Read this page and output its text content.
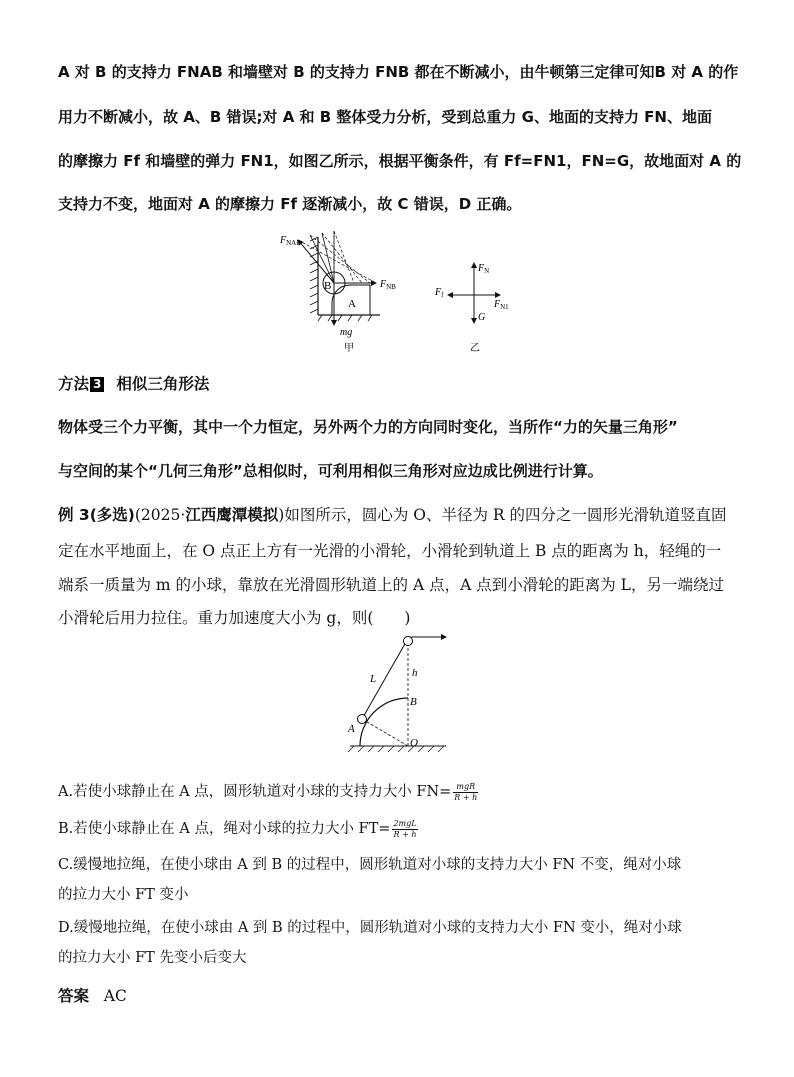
A 对 B 的支持力 FNAB 和墙壁对 B 的支持力 FNB 都在不断减小，由牛顿第三定律可知B 对 A 的作
用力不断减小，故 A、B 错误;对 A 和 B 整体受力分析，受到总重力 G、地面的支持力 FN、地面
的摩擦力 Ff 和墙壁的弹力 FN1，如图乙所示，根据平衡条件，有 Ff=FN1，FN=G，故地面对 A 的
支持力不变，地面对 A 的摩擦力 Ff 逐渐减小，故 C 错误，D 正确。
$F_{NAB}$
$F_{NB}$
B
A
mg
甲
$F_N$
$F_f$
$F_{N1}$
G
乙
方法 3 相似三角形法
物体受三个力平衡，其中一个力恒定，另外两个力的方向同时变化，当所作“力的矢量三角形”
与空间的某个“几何三角形”总相似时，可利用相似三角形对应边成比例进行计算。
例 3(多选)(2025·江西鹰潭模拟)如图所示，圆心为 O、半径为 R 的四分之一圆形光滑轨道竖直固
定在水平地面上，在 O 点正上方有一光滑的小滑轮，小滑轮到轨道上 B 点的距离为 h，轻绳的一
端系一质量为 m 的小球，靠放在光滑圆形轨道上的 A 点，A 点到小滑轮的距离为 L，另一端绕过
小滑轮后用力拉住。重力加速度大小为 g，则(　　)
L	h
B
A
O
A.若使小球静止在 A 点，圆形轨道对小球的支持力大小 $FN= \frac{\text{mgR}}{R + h}$
B.若使小球静止在 A 点，绳对小球的拉力大小 $FT= \frac{\text{2mgL}}{R + h}$
C.缓慢地拉绳，在使小球由 A 到 B 的过程中，圆形轨道对小球的支持力大小 FN 不变，绳对小球
的拉力大小 FT 变小
D.缓慢地拉绳，在使小球由 A 到 B 的过程中，圆形轨道对小球的支持力大小 FN 变小，绳对小球
的拉力大小 FT 先变小后变大
答案 AC
